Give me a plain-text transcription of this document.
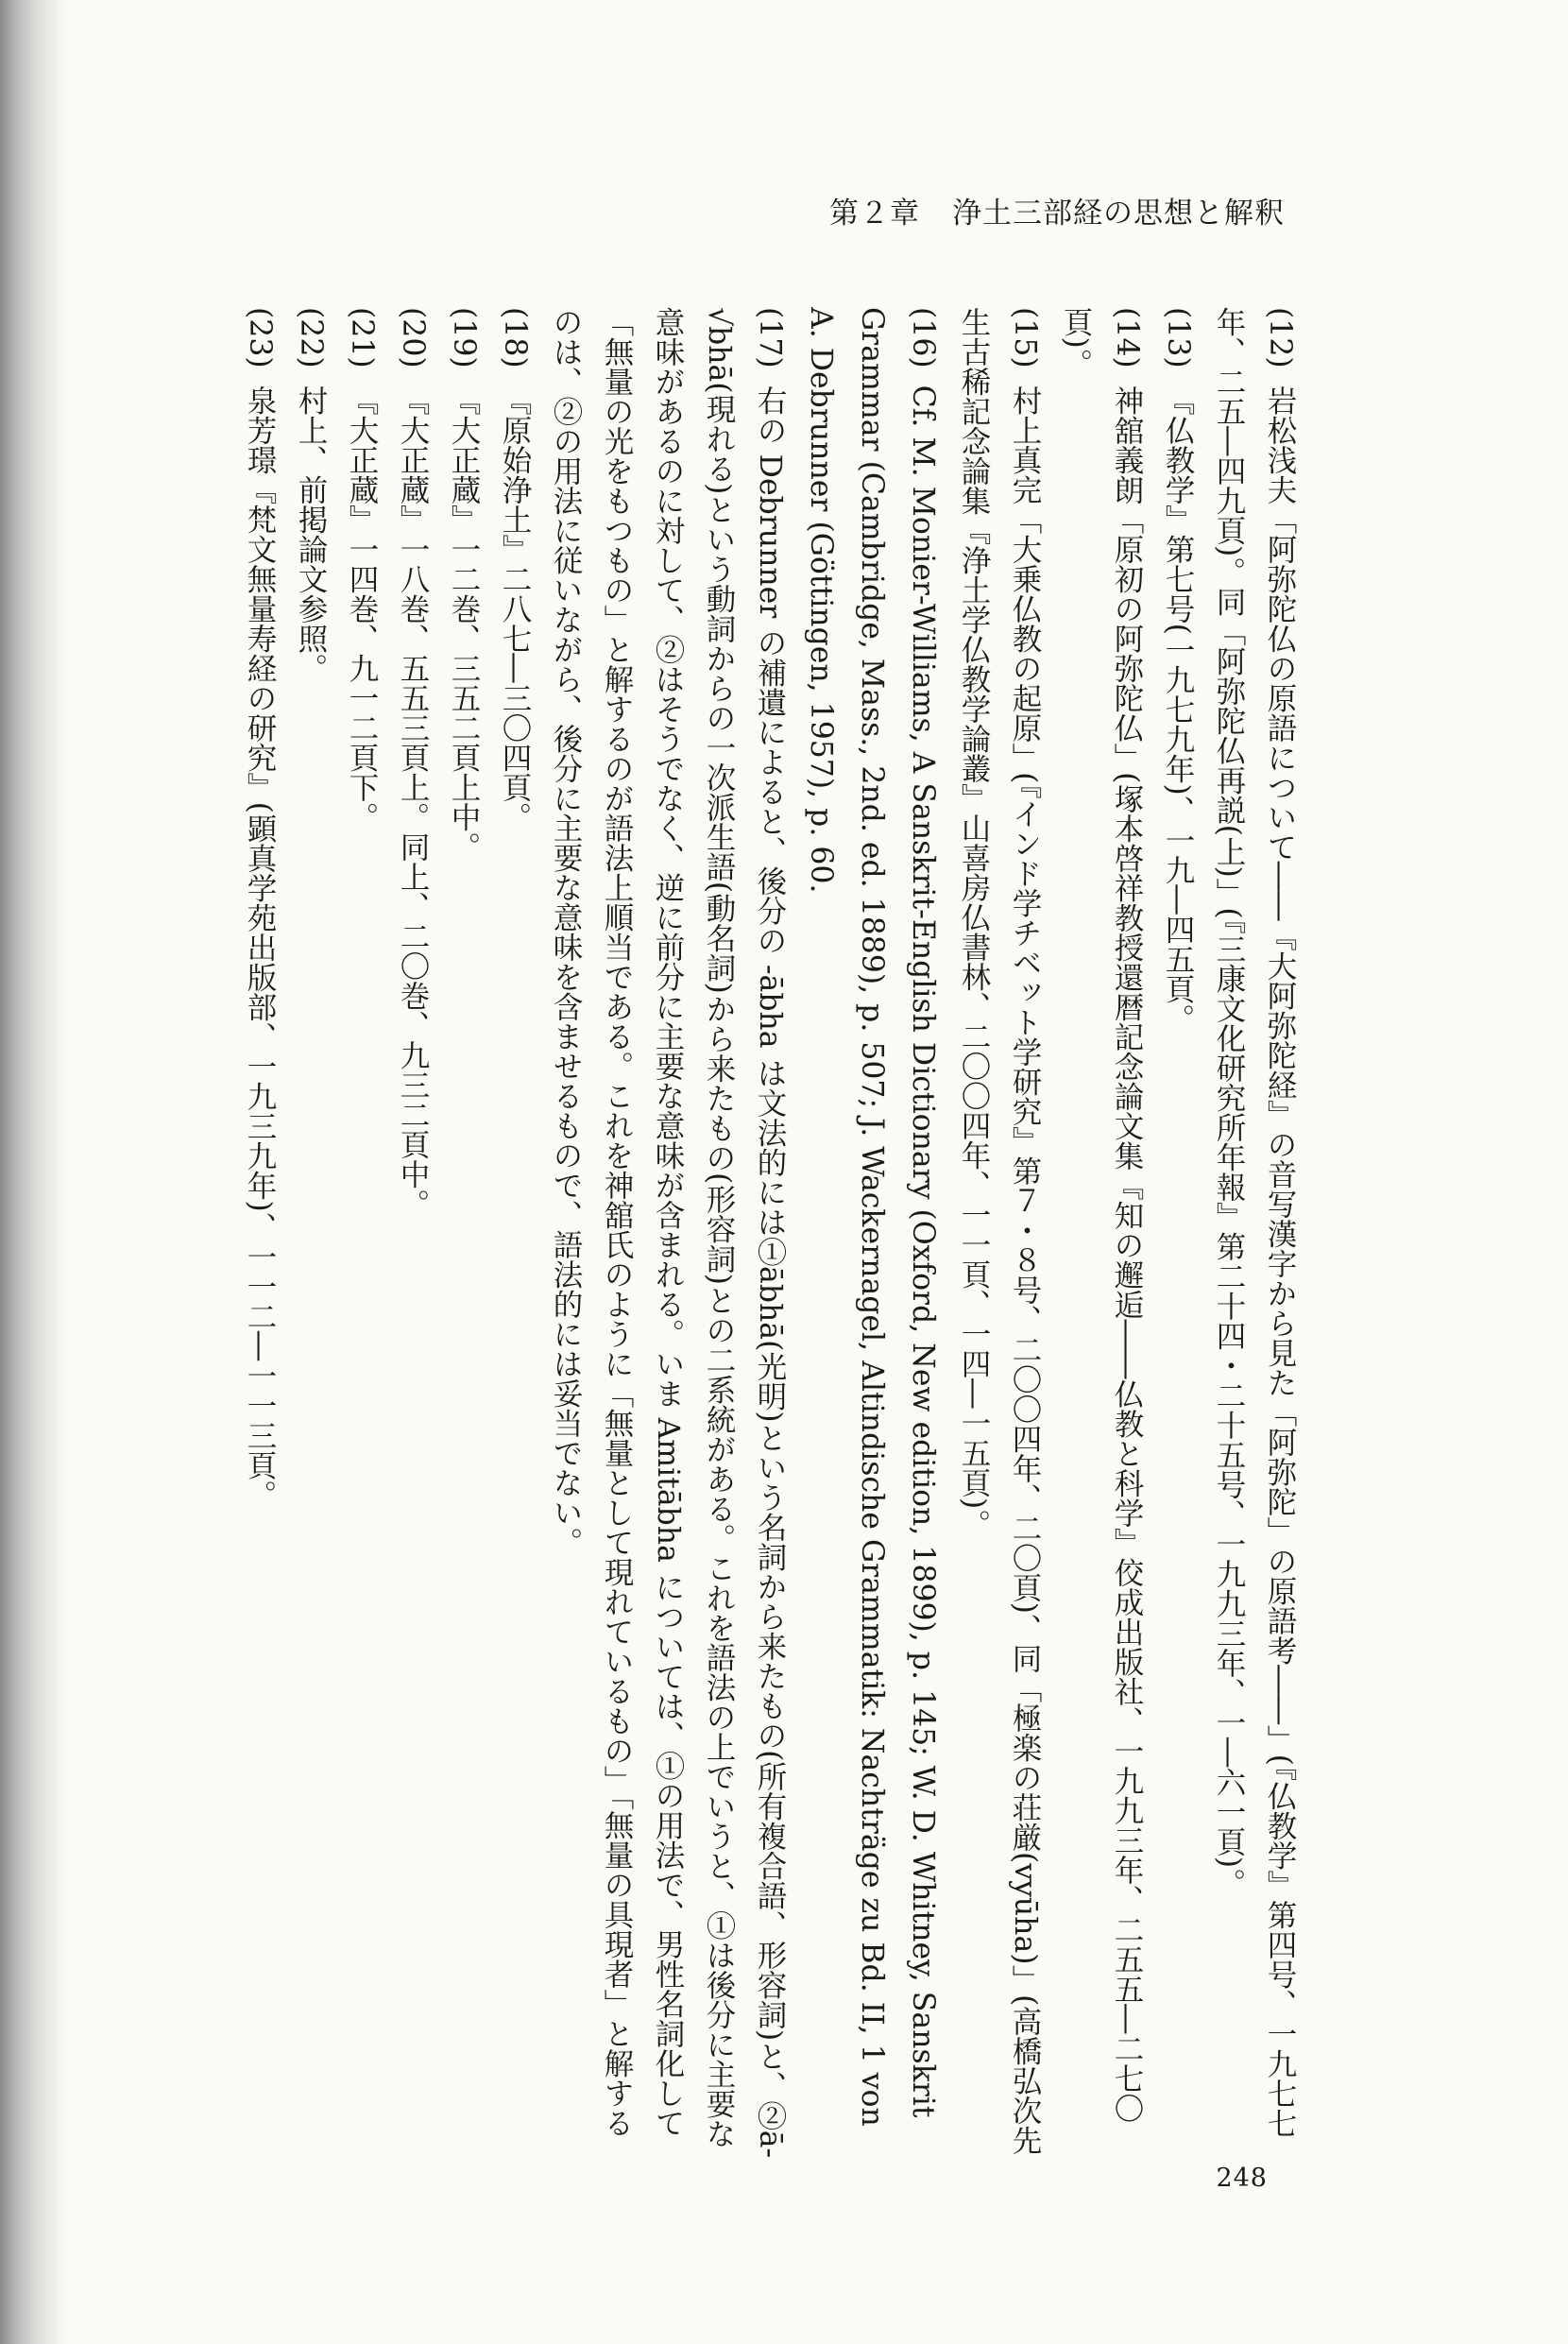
第２章 浄土三部経の思想と解釈

(12)岩松浅夫「阿弥陀仏の原語について――『大阿弥陀経』の音写漢字から見た「阿弥陀」の原語考――」(『仏教学』第四号、一九七七年、二五―四九頁)。同「阿弥陀仏再説(上)」(『三康文化研究所年報』第二十四・二十五号、一九九三年、一―六一頁)。

(13)『仏教学』第七号(一九七九年)、一九―四五頁。

(14)神舘義朗「原初の阿弥陀仏」(塚本啓祥教授還暦記念論文集『知の邂逅――仏教と科学』佼成出版社、一九九三年、二五五―二七〇頁)。

(15)村上真完「大乗仏教の起原」(『インド学チベット学研究』第７・８号、二〇〇四年、二〇頁)、同「極楽の荘厳(vyūha)」(高橋弘次先生古稀記念論集『浄土学仏教学論叢』山喜房仏書林、二〇〇四年、一一頁、一四―一五頁)。

(16)Cf. M. Monier-Williams, A Sanskrit-English Dictionary (Oxford, New edition, 1899), p. 145; W. D. Whitney, Sanskrit Grammar (Cambridge, Mass., 2nd. ed. 1889), p. 507; J. Wackernagel, Altindische Grammatik: Nachträge zu Bd. II, 1 von A. Debrunner (Göttingen, 1957), p. 60.

(17)右の Debrunner の補遺によると、後分の -ābha は文法的には①ābhā(光明)という名詞から来たもの(所有複合語、形容詞)と、②ā-√bhā(現れる)という動詞からの一次派生語(動名詞)から来たもの(形容詞)との二系統がある。これを語法の上でいうと、①は後分に主要な意味があるのに対して、②はそうでなく、逆に前分に主要な意味が含まれる。いま Amitābha については、①の用法で、男性名詞化して「無量の光をもつもの」と解するのが語法上順当である。これを神舘氏のように「無量として現れているもの」「無量の具現者」と解するのは、②の用法に従いながら、後分に主要な意味を含ませるもので、語法的には妥当でない。

(18)『原始浄土』二八七―三〇四頁。

(19)『大正蔵』一二巻、三五二頁上中。

(20)『大正蔵』一八巻、五五三頁上。同上、二〇巻、九三二頁中。

(21)『大正蔵』一四巻、九一二頁下。

(22)村上、前掲論文参照。

(23)泉芳璟『梵文無量寿経の研究』(顕真学苑出版部、一九三九年)、一一二―一一三頁。

248
